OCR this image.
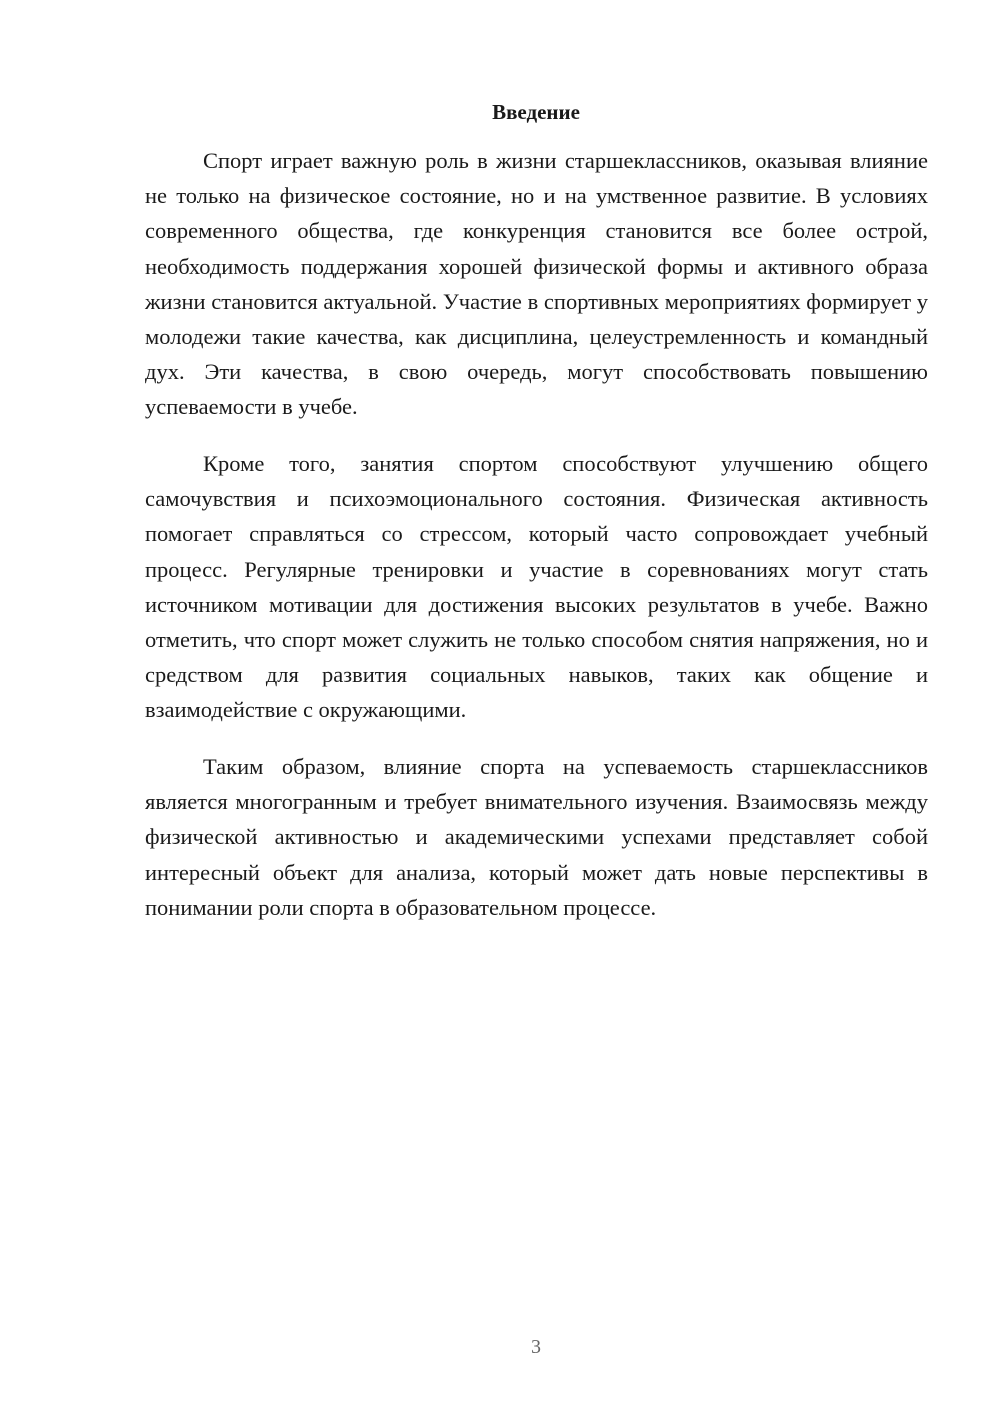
Введение

Спорт играет важную роль в жизни старшеклассников, оказывая влияние не только на физическое состояние, но и на умственное развитие. В условиях современного общества, где конкуренция становится все более острой, необходимость поддержания хорошей физической формы и активного образа жизни становится актуальной. Участие в спортивных мероприятиях формирует у молодежи такие качества, как дисциплина, целеустремленность и командный дух. Эти качества, в свою очередь, могут способствовать повышению успеваемости в учебе.

Кроме того, занятия спортом способствуют улучшению общего самочувствия и психоэмоционального состояния. Физическая активность помогает справляться со стрессом, который часто сопровождает учебный процесс. Регулярные тренировки и участие в соревнованиях могут стать источником мотивации для достижения высоких результатов в учебе. Важно отметить, что спорт может служить не только способом снятия напряжения, но и средством для развития социальных навыков, таких как общение и взаимодействие с окружающими.

Таким образом, влияние спорта на успеваемость старшеклассников является многогранным и требует внимательного изучения. Взаимосвязь между физической активностью и академическими успехами представляет собой интересный объект для анализа, который может дать новые перспективы в понимании роли спорта в образовательном процессе.

3
